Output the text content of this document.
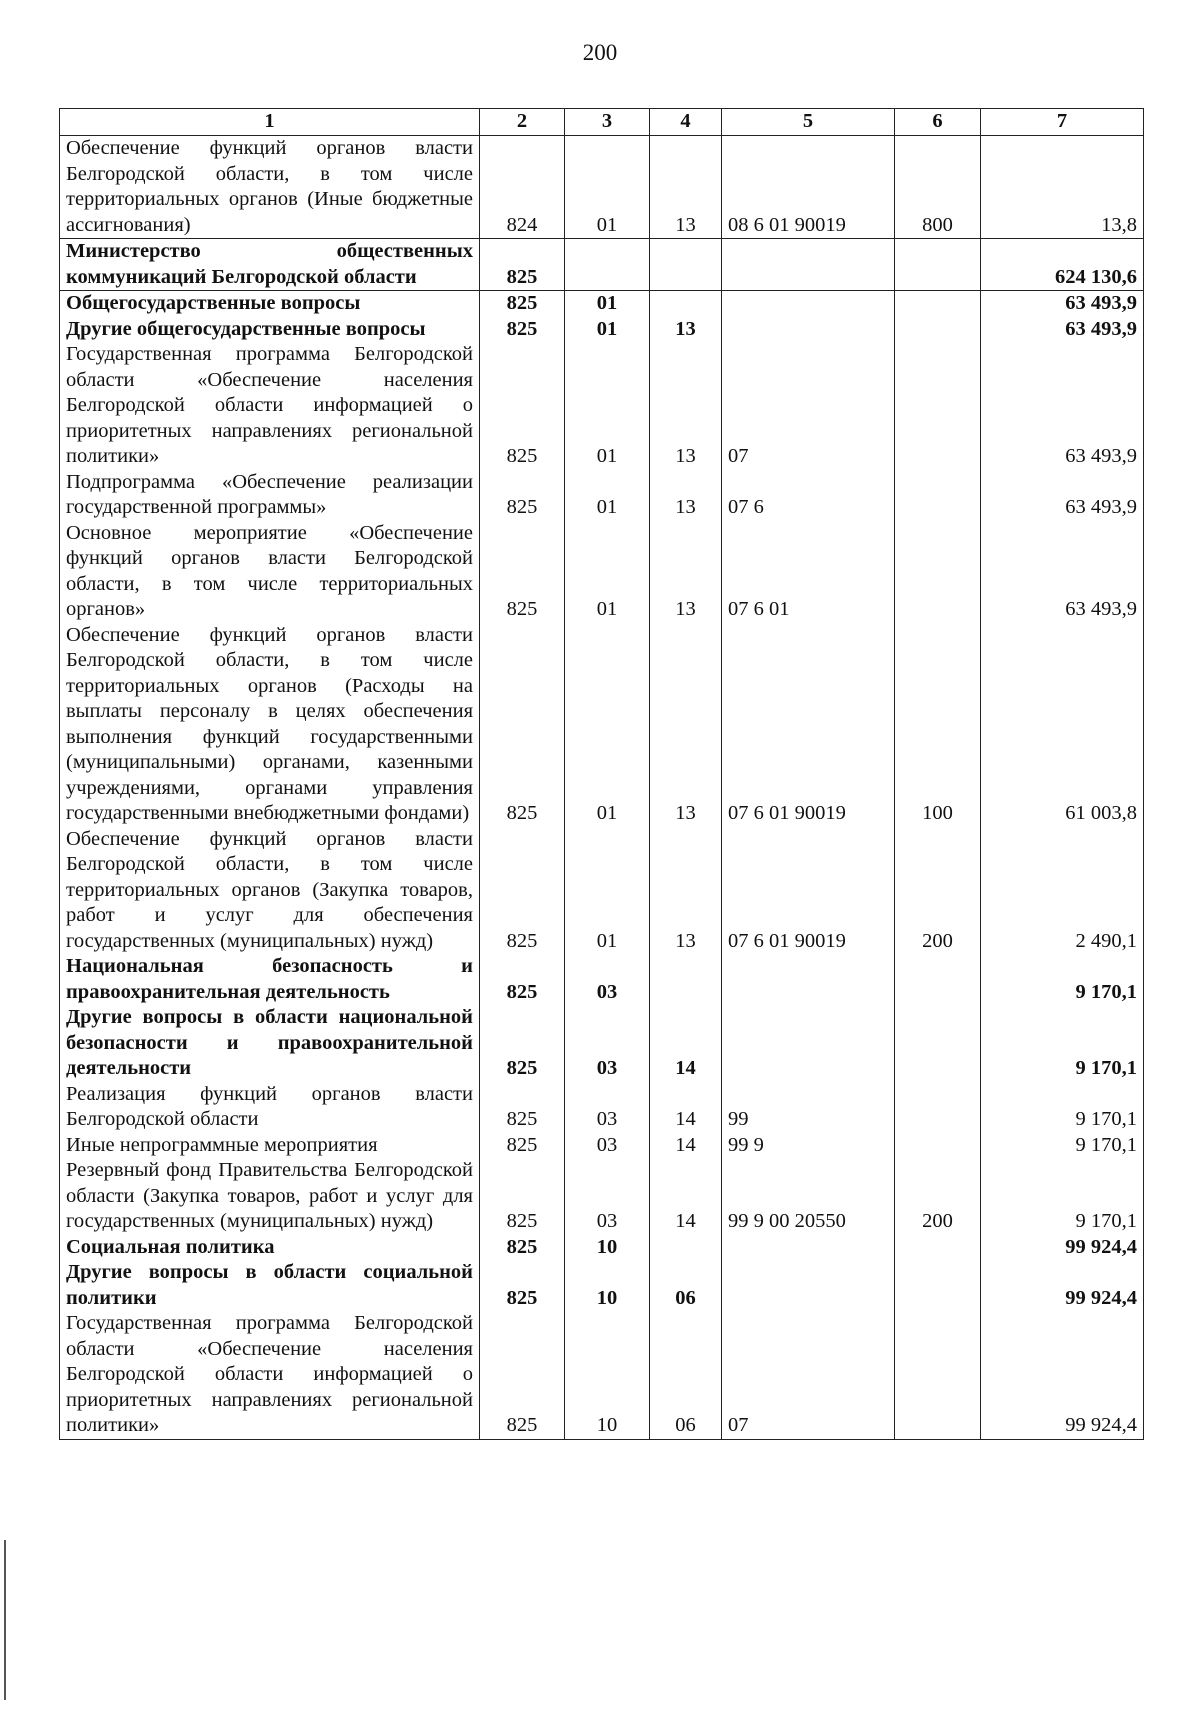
200
1	2	3	4	5	6	7
Обеспечение функций органов власти Белгородской области, в том числе территориальных органов (Иные бюджетные ассигнования)	824	01	13	08 6 01 90019	800	13,8
Министерство общественных коммуникаций Белгородской области	825					624 130,6
Общегосударственные вопросы	825	01				63 493,9
Другие общегосударственные вопросы	825	01	13			63 493,9
Государственная программа Белгородской области «Обеспечение населения Белгородской области информацией о приоритетных направлениях региональной политики»	825	01	13	07		63 493,9
Подпрограмма «Обеспечение реализации государственной программы»	825	01	13	07 6		63 493,9
Основное мероприятие «Обеспечение функций органов власти Белгородской области, в том числе территориальных органов»	825	01	13	07 6 01		63 493,9
Обеспечение функций органов власти Белгородской области, в том числе территориальных органов (Расходы на выплаты персоналу в целях обеспечения выполнения функций государственными (муниципальными) органами, казенными учреждениями, органами управления государственными внебюджетными фондами)	825	01	13	07 6 01 90019	100	61 003,8
Обеспечение функций органов власти Белгородской области, в том числе территориальных органов (Закупка товаров, работ и услуг для обеспечения государственных (муниципальных) нужд)	825	01	13	07 6 01 90019	200	2 490,1
Национальная безопасность и правоохранительная деятельность	825	03				9 170,1
Другие вопросы в области национальной безопасности и правоохранительной деятельности	825	03	14			9 170,1
Реализация функций органов власти Белгородской области	825	03	14	99		9 170,1
Иные непрограммные мероприятия	825	03	14	99 9		9 170,1
Резервный фонд Правительства Белгородской области (Закупка товаров, работ и услуг для государственных (муниципальных) нужд)	825	03	14	99 9 00 20550	200	9 170,1
Социальная политика	825	10				99 924,4
Другие вопросы в области социальной политики	825	10	06			99 924,4
Государственная программа Белгородской области «Обеспечение населения Белгородской области информацией о приоритетных направлениях региональной политики»	825	10	06	07		99 924,4
